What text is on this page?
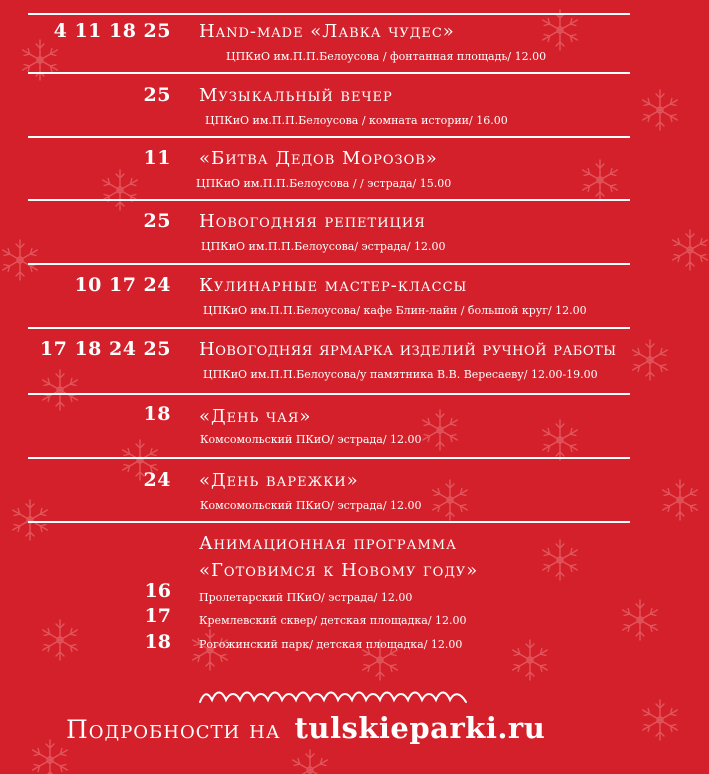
4 11 18 25 Hand-made «Лавка чудес»
ЦПКиО им.П.П.Белоусова / фонтанная площадь/ 12.00
25 Музыкальный вечер
ЦПКиО им.П.П.Белоусова / комната истории/ 16.00
11 «Битва Дедов Морозов»
ЦПКиО им.П.П.Белоусова / / эстрада/ 15.00
25 Новогодняя репетиция
ЦПКиО им.П.П.Белоусова/ эстрада/ 12.00
10 17 24 Кулинарные мастер-классы
ЦПКиО им.П.П.Белоусова/ кафе Блин-лайн / большой круг/ 12.00
17 18 24 25 Новогодняя ярмарка изделий ручной работы
ЦПКиО им.П.П.Белоусова/у памятника В.В. Вересаеву/ 12.00-19.00
18 «День чая»
Комсомольский ПКиО/ эстрада/ 12.00
24 «День варежки»
Комсомольский ПКиО/ эстрада/ 12.00
Анимационная программа
«Готовимся к Новому году»
16	Пролетарский ПКиО/ эстрада/ 12.00
17	Кремлевский сквер/ детская площадка/ 12.00
18	Рогожинский парк/ детская площадка/ 12.00
Подробности на tulskieparki.ru
